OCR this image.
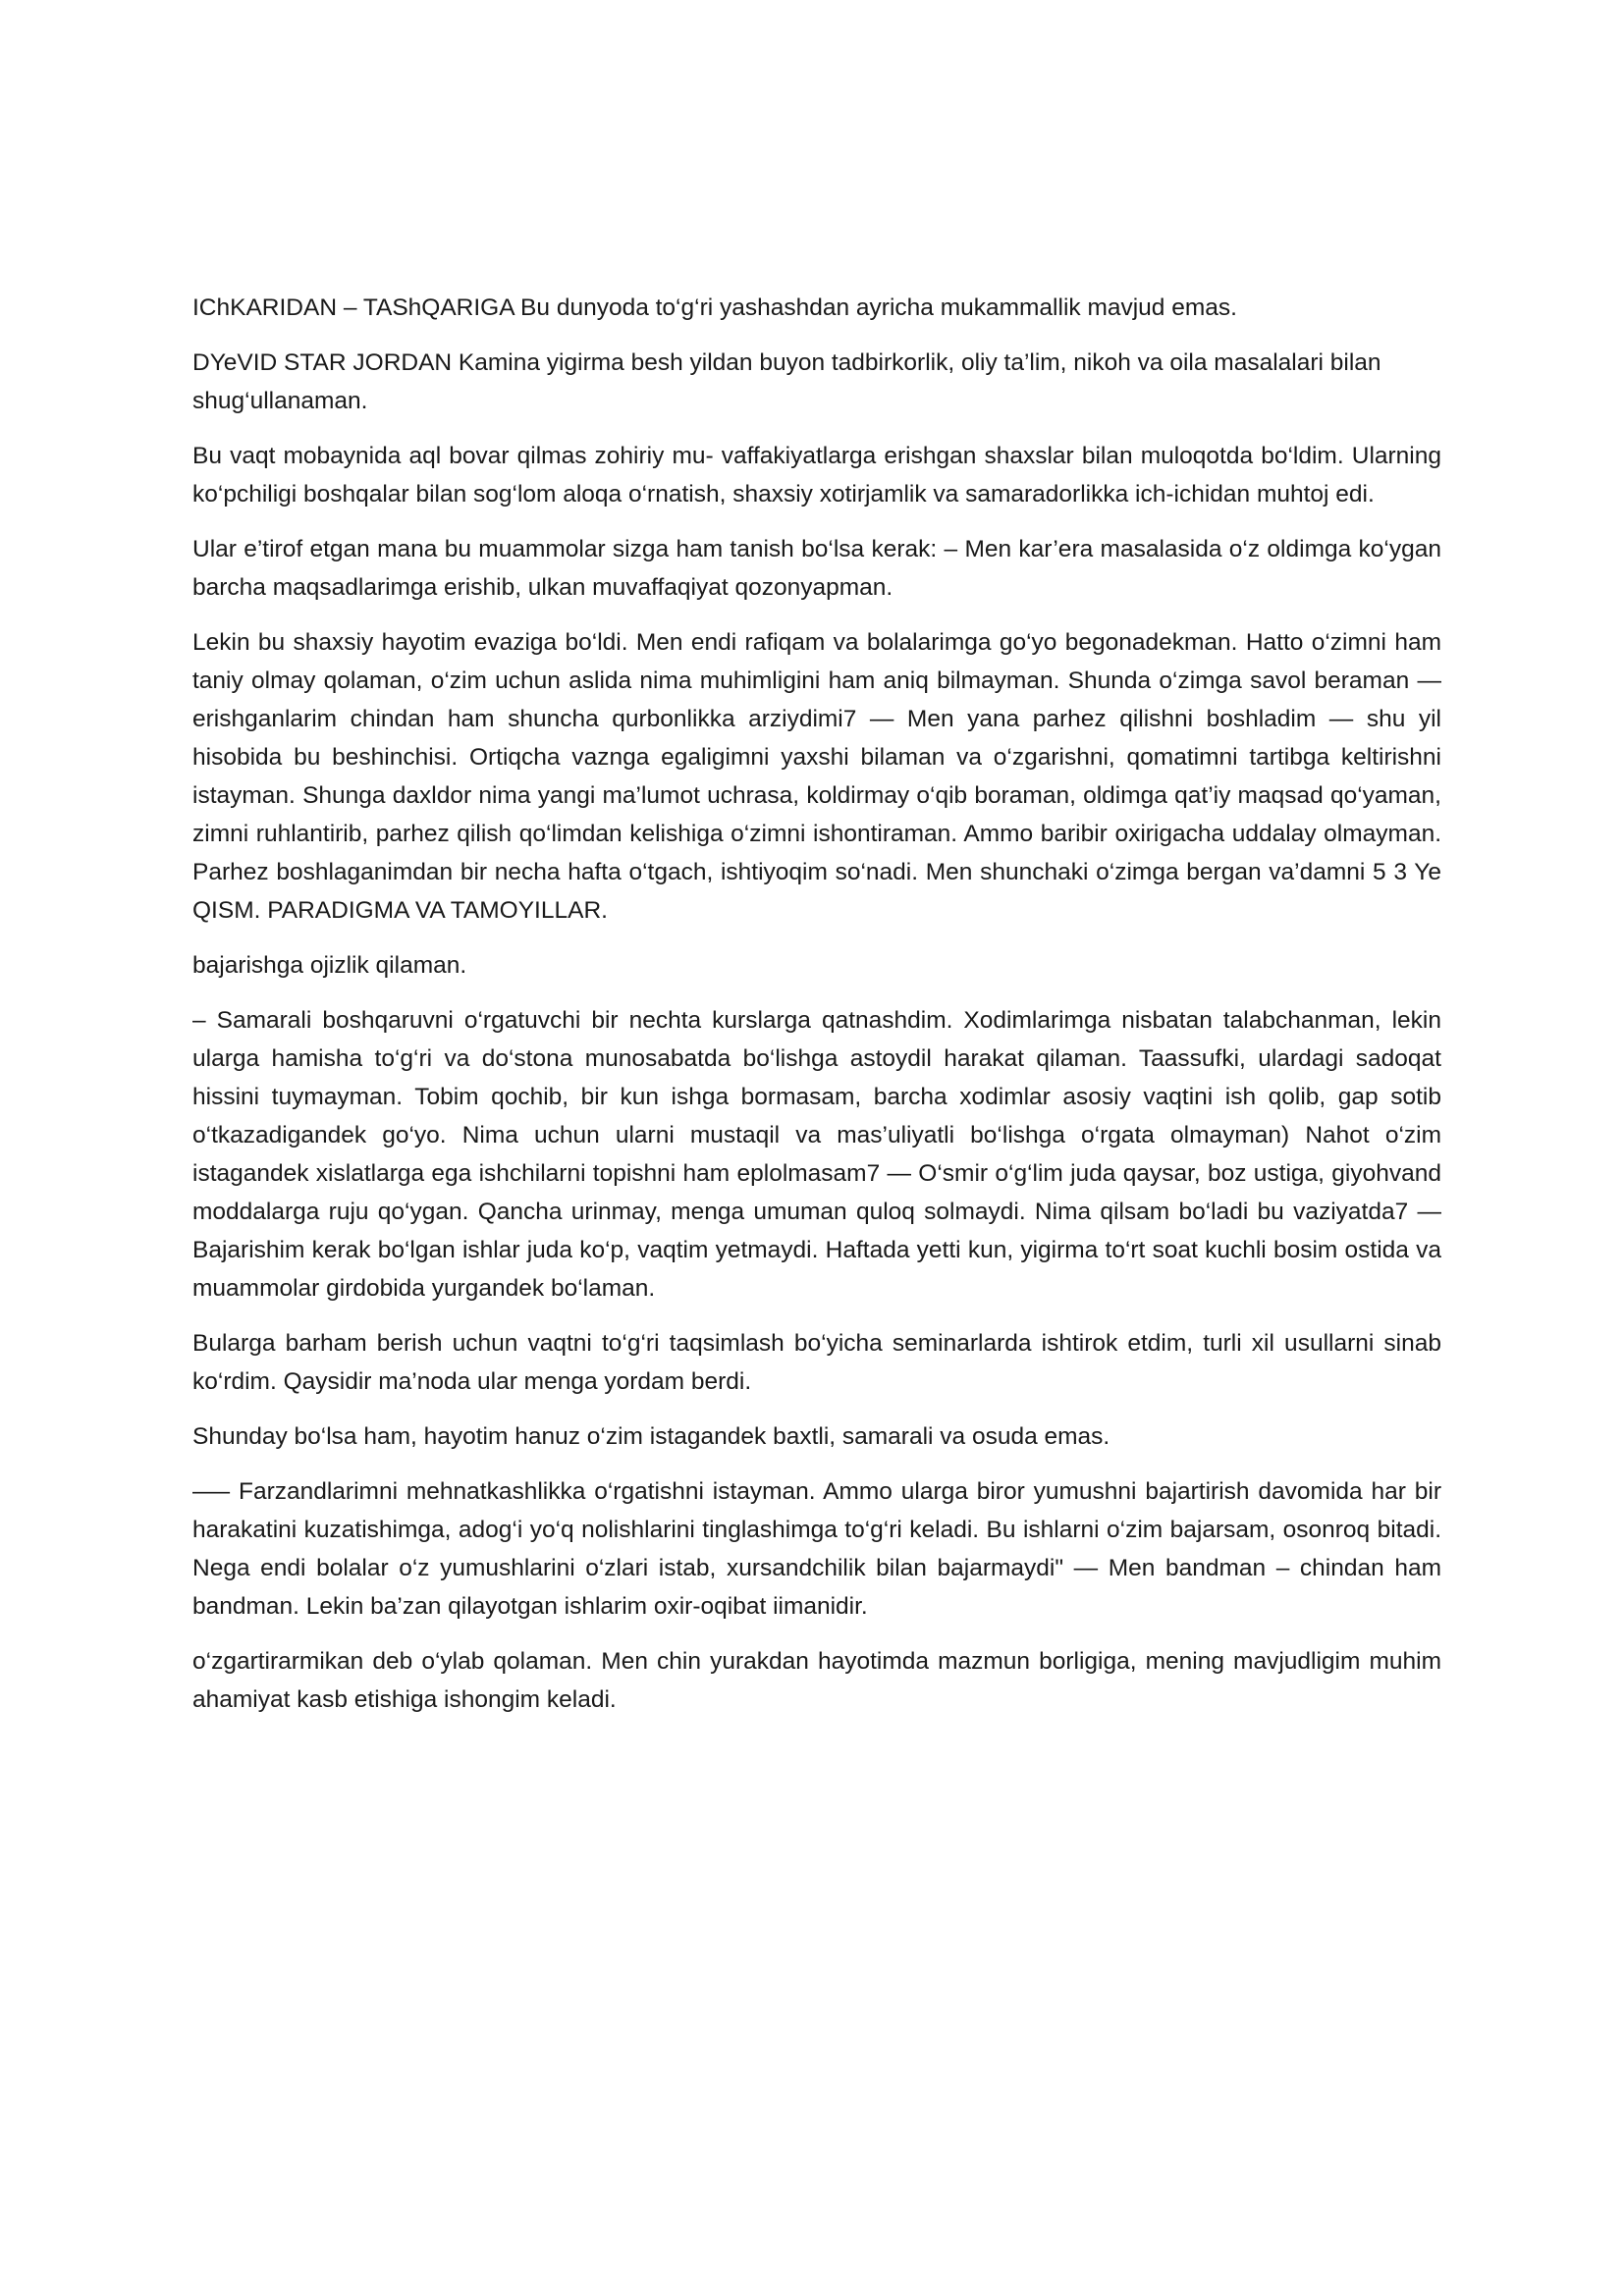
IChKARIDAN – TAShQARIGA Bu dunyoda to‘g‘ri yashashdan ayricha mukammallik mavjud emas.

DYeVID STAR JORDAN Kamina yigirma besh yildan buyon tadbirkorlik, oliy ta’lim, nikoh va oila masalalari bilan shug‘ullanaman.

Bu vaqt mobaynida aql bovar qilmas zohiriy mu- vaffakiyatlarga erishgan shaxslar bilan muloqotda bo‘ldim. Ularning ko‘pchiligi boshqalar bilan sog‘lom aloqa o‘rnatish, shaxsiy xotirjamlik va samaradorlikka ich-ichidan muhtoj edi.

Ular e’tirof etgan mana bu muammolar sizga ham tanish bo‘lsa kerak: – Men kar’era masalasida o‘z oldimga ko‘ygan barcha maqsadlarimga erishib, ulkan muvaffaqiyat qozonyapman.

Lekin bu shaxsiy hayotim evaziga bo‘ldi. Men endi rafiqam va bolalarimga go‘yo begonadekman. Hatto o‘zimni ham taniy olmay qolaman, o‘zim uchun aslida nima muhimligini ham aniq bilmayman. Shunda o‘zimga savol beraman — erishganlarim chindan ham shuncha qurbonlikka arziydimi7 — Men yana parhez qilishni boshladim — shu yil hisobida bu beshinchisi. Ortiqcha vaznga egaligimni yaxshi bilaman va o‘zgarishni, qomatimni tartibga keltirishni istayman. Shunga daxldor nima yangi ma’lumot uchrasa, koldirmay o‘qib boraman, oldimga qat’iy maqsad qo‘yaman, zimni ruhlantirib, parhez qilish qo‘limdan kelishiga o‘zimni ishontiraman. Ammo baribir oxirigacha uddalay olmayman. Parhez boshlaganimdan bir necha hafta o‘tgach, ishtiyoqim so‘nadi. Men shunchaki o‘zimga bergan va’damni 5 3 Ye QISM. PARADIGMA VA TAMOYILLAR.

bajarishga ojizlik qilaman.

– Samarali boshqaruvni o‘rgatuvchi bir nechta kurslarga qatnashdim. Xodimlarimga nisbatan talabchanman, lekin ularga hamisha to‘g‘ri va do‘stona munosabatda bo‘lishga astoydil harakat qilaman. Taassufki, ulardagi sadoqat hissini tuymayman. Tobim qochib, bir kun ishga bormasam, barcha xodimlar asosiy vaqtini ish qolib, gap sotib o‘tkazadigandek go‘yo. Nima uchun ularni mustaqil va mas’uliyatli bo‘lishga o‘rgata olmayman) Nahot o‘zim istagandek xislatlarga ega ishchilarni topishni ham eplolmasam7 — O‘smir o‘g‘lim juda qaysar, boz ustiga, giyohvand moddalarga ruju qo‘ygan. Qancha urinmay, menga umuman quloq solmaydi. Nima qilsam bo‘ladi bu vaziyatda7 — Bajarishim kerak bo‘lgan ishlar juda ko‘p, vaqtim yetmaydi. Haftada yetti kun, yigirma to‘rt soat kuchli bosim ostida va muammolar girdobida yurgandek bo‘laman.

Bularga barham berish uchun vaqtni to‘g‘ri taqsimlash bo‘yicha seminarlarda ishtirok etdim, turli xil usullarni sinab ko‘rdim. Qaysidir ma’noda ular menga yordam berdi.

Shunday bo‘lsa ham, hayotim hanuz o‘zim istagandek baxtli, samarali va osuda emas.

—– Farzandlarimni mehnatkashlikka o‘rgatishni istayman. Ammo ularga biror yumushni bajartirish davomida har bir harakatini kuzatishimga, adog‘i yo‘q nolishlarini tinglashimga to‘g‘ri keladi. Bu ishlarni o‘zim bajarsam, osonroq bitadi. Nega endi bolalar o‘z yumushlarini o‘zlari istab, xursandchilik bilan bajarmaydi" — Men bandman – chindan ham bandman. Lekin ba’zan qilayotgan ishlarim oxir-oqibat iimanidir.

o‘zgartirarmikan deb o‘ylab qolaman. Men chin yurakdan hayotimda mazmun borligiga, mening mavjudligim muhim ahamiyat kasb etishiga ishongim keladi.
